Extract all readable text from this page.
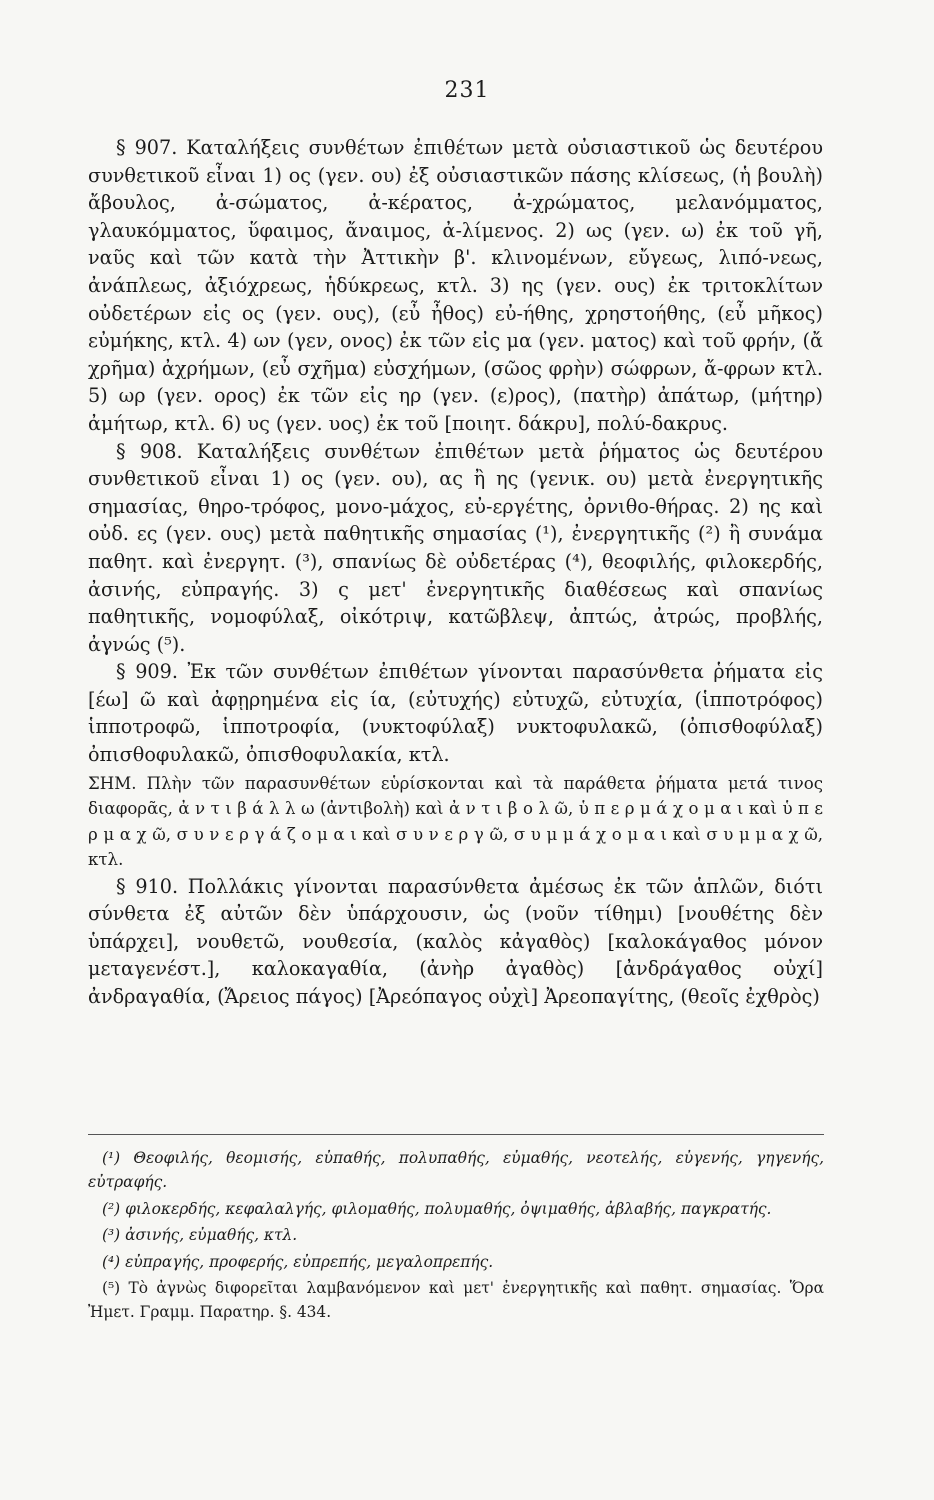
231

§ 907. Καταλήξεις συνθέτων ἐπιθέτων μετὰ οὐσιαστικοῦ ὡς δευτέρου συνθετικοῦ εἶναι 1) ος (γεν. ου) ἐξ οὐσιαστικῶν πάσης κλίσεως, (ἡ βουλὴ) ἄβουλος, ἀ-σώματος, ἀ-κέρατος, ἀ-χρώματος, μελανόμματος, γλαυκόμματος, ὕφαιμος, ἄναιμος, ἀ-λίμενος. 2) ως (γεν. ω) ἐκ τοῦ γῆ, ναῦς καὶ τῶν κατὰ τὴν Ἀττικὴν β'. κλινομένων, εὔγεως, λιπό-νεως, ἀνάπλεως, ἀξιόχρεως, ἡδύκρεως, κτλ. 3) ης (γεν. ους) ἐκ τριτοκλίτων οὐδετέρων εἰς ος (γεν. ους), (εὖ ἦθος) εὐ-ήθης, χρηστοήθης, (εὖ μῆκος) εὐμήκης, κτλ. 4) ων (γεν, ονος) ἐκ τῶν εἰς μα (γεν. ματος) καὶ τοῦ φρήν, (ἄ χρῆμα) ἀχρήμων, (εὖ σχῆμα) εὐσχήμων, (σῶος φρὴν) σώφρων, ἄ-φρων κτλ. 5) ωρ (γεν. ορος) ἐκ τῶν εἰς ηρ (γεν. (ε)ρος), (πατὴρ) ἀπάτωρ, (μήτηρ) ἀμήτωρ, κτλ. 6) υς (γεν. υος) ἐκ τοῦ [ποιητ. δάκρυ], πολύ-δακρυς.

§ 908. Καταλήξεις συνθέτων ἐπιθέτων μετὰ ῥήματος ὡς δευτέρου συνθετικοῦ εἶναι 1) ος (γεν. ου), ας ἢ ης (γενικ. ου) μετὰ ἐνεργητικῆς σημασίας, θηρο-τρόφος, μονο-μάχος, εὐ-εργέτης, ὀρνιθο-θήρας. 2) ης καὶ οὐδ. ες (γεν. ους) μετὰ παθητικῆς σημασίας (¹), ἐνεργητικῆς (²) ἢ συνάμα παθητ. καὶ ἐνεργητ. (³), σπανίως δὲ οὐδετέρας (⁴), θεοφιλής, φιλοκερδής, ἀσινής, εὐπραγής. 3) ς μετ' ἐνεργητικῆς διαθέσεως καὶ σπανίως παθητικῆς, νομοφύλαξ, οἰκότριψ, κατῶβλεψ, ἀπτώς, ἀτρώς, προβλής, ἀγνώς (⁵).

§ 909. Ἐκ τῶν συνθέτων ἐπιθέτων γίνονται παρασύνθετα ῥήματα εἰς [έω] ῶ καὶ ἀφῃρημένα εἰς ία, (εὐτυχής) εὐτυχῶ, εὐτυχία, (ἱπποτρόφος) ἱπποτροφῶ, ἱπποτροφία, (νυκτοφύλαξ) νυκτοφυλακῶ, (ὀπισθοφύλαξ) ὀπισθοφυλακῶ, ὀπισθοφυλακία, κτλ.

ΣΗΜ. Πλὴν τῶν παρασυνθέτων εὑρίσκονται καὶ τὰ παράθετα ῥήματα μετά τινος διαφορᾶς, ἀ ν τ ι β ά λ λ ω (ἀντιβολὴ) καὶ ἀ ν τ ι β ο λ ῶ, ὑ π ε ρ μ ά χ ο μ α ι καὶ ὑ π ε ρ μ α χ ῶ, σ υ ν ε ρ γ ά ζ ο μ α ι καὶ σ υ ν ε ρ γ ῶ, σ υ μ μ ά χ ο μ α ι καὶ σ υ μ μ α χ ῶ, κτλ.

§ 910. Πολλάκις γίνονται παρασύνθετα ἀμέσως ἐκ τῶν ἁπλῶν, διότι σύνθετα ἐξ αὐτῶν δὲν ὑπάρχουσιν, ὡς (νοῦν τίθημι) [νουθέτης δὲν ὑπάρχει], νουθετῶ, νουθεσία, (καλὸς κἀγαθὸς) [καλοκάγαθος μόνον μεταγενέστ.], καλοκαγαθία, (ἀνὴρ ἀγαθὸς) [ἀνδράγαθος οὐχί] ἀνδραγαθία, (Ἄρειος πάγος) [Ἀρεόπαγος οὐχὶ] Ἀρεοπαγίτης, (θεοῖς ἐχθρὸς)

(¹) Θεοφιλής, θεομισής, εὐπαθής, πολυπαθής, εὐμαθής, νεοτελής, εὐγενής, γηγενής, εὐτραφής.

(²) φιλοκερδής, κεφαλαλγής, φιλομαθής, πολυμαθής, ὀψιμαθής, ἀβλαβής, παγκρατής.

(³) ἀσινής, εὐμαθής, κτλ.

(⁴) εὐπραγής, προφερής, εὐπρεπής, μεγαλοπρεπής.

(⁵) Τὸ ἀγνὼς διφορεῖται λαμβανόμενον καὶ μετ' ἐνεργητικῆς καὶ παθητ. σημασίας. Ὅρα Ἠμετ. Γραμμ. Παρατηρ. §. 434.
